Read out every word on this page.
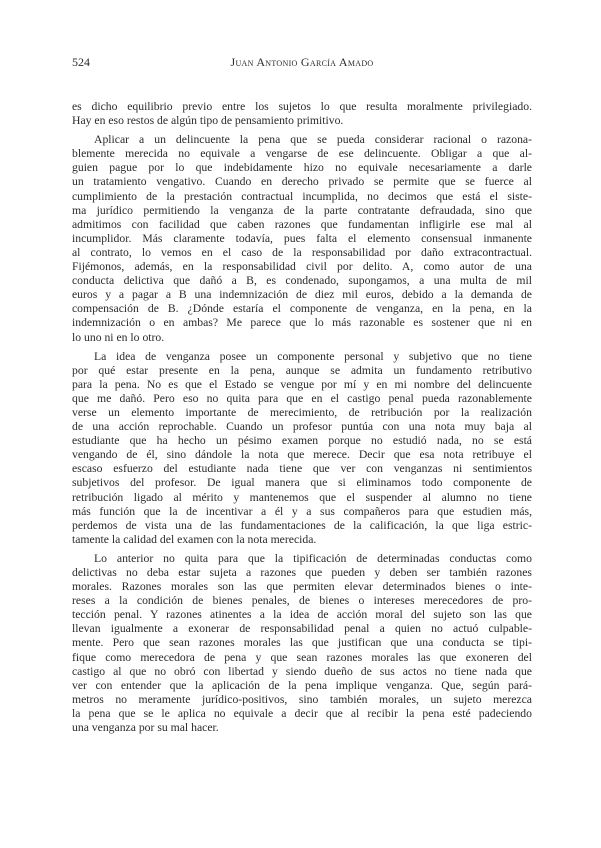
524	Juan Antonio García Amado
es dicho equilibrio previo entre los sujetos lo que resulta moralmente privilegiado.
Hay en eso restos de algún tipo de pensamiento primitivo.
Aplicar a un delincuente la pena que se pueda considerar racional o razona-
blemente merecida no equivale a vengarse de ese delincuente. Obligar a que al-
guien pague por lo que indebidamente hizo no equivale necesariamente a darle
un tratamiento vengativo. Cuando en derecho privado se permite que se fuerce al
cumplimiento de la prestación contractual incumplida, no decimos que está el siste-
ma jurídico permitiendo la venganza de la parte contratante defraudada, sino que
admitimos con facilidad que caben razones que fundamentan infligirle ese mal al
incumplidor. Más claramente todavía, pues falta el elemento consensual inmanente
al contrato, lo vemos en el caso de la responsabilidad por daño extracontractual.
Fijémonos, además, en la responsabilidad civil por delito. A, como autor de una
conducta delictiva que dañó a B, es condenado, supongamos, a una multa de mil
euros y a pagar a B una indemnización de diez mil euros, debido a la demanda de
compensación de B. ¿Dónde estaría el componente de venganza, en la pena, en la
indemnización o en ambas? Me parece que lo más razonable es sostener que ni en
lo uno ni en lo otro.
La idea de venganza posee un componente personal y subjetivo que no tiene
por qué estar presente en la pena, aunque se admita un fundamento retributivo
para la pena. No es que el Estado se vengue por mí y en mi nombre del delincuente
que me dañó. Pero eso no quita para que en el castigo penal pueda razonablemente
verse un elemento importante de merecimiento, de retribución por la realización
de una acción reprochable. Cuando un profesor puntúa con una nota muy baja al
estudiante que ha hecho un pésimo examen porque no estudió nada, no se está
vengando de él, sino dándole la nota que merece. Decir que esa nota retribuye el
escaso esfuerzo del estudiante nada tiene que ver con venganzas ni sentimientos
subjetivos del profesor. De igual manera que si eliminamos todo componente de
retribución ligado al mérito y mantenemos que el suspender al alumno no tiene
más función que la de incentivar a él y a sus compañeros para que estudien más,
perdemos de vista una de las fundamentaciones de la calificación, la que liga estric-
tamente la calidad del examen con la nota merecida.
Lo anterior no quita para que la tipificación de determinadas conductas como
delictivas no deba estar sujeta a razones que pueden y deben ser también razones
morales. Razones morales son las que permiten elevar determinados bienes o inte-
reses a la condición de bienes penales, de bienes o intereses merecedores de pro-
tección penal. Y razones atinentes a la idea de acción moral del sujeto son las que
llevan igualmente a exonerar de responsabilidad penal a quien no actuó culpable-
mente. Pero que sean razones morales las que justifican que una conducta se tipi-
fique como merecedora de pena y que sean razones morales las que exoneren del
castigo al que no obró con libertad y siendo dueño de sus actos no tiene nada que
ver con entender que la aplicación de la pena implique venganza. Que, según pará-
metros no meramente jurídico-positivos, sino también morales, un sujeto merezca
la pena que se le aplica no equivale a decir que al recibir la pena esté padeciendo
una venganza por su mal hacer.
